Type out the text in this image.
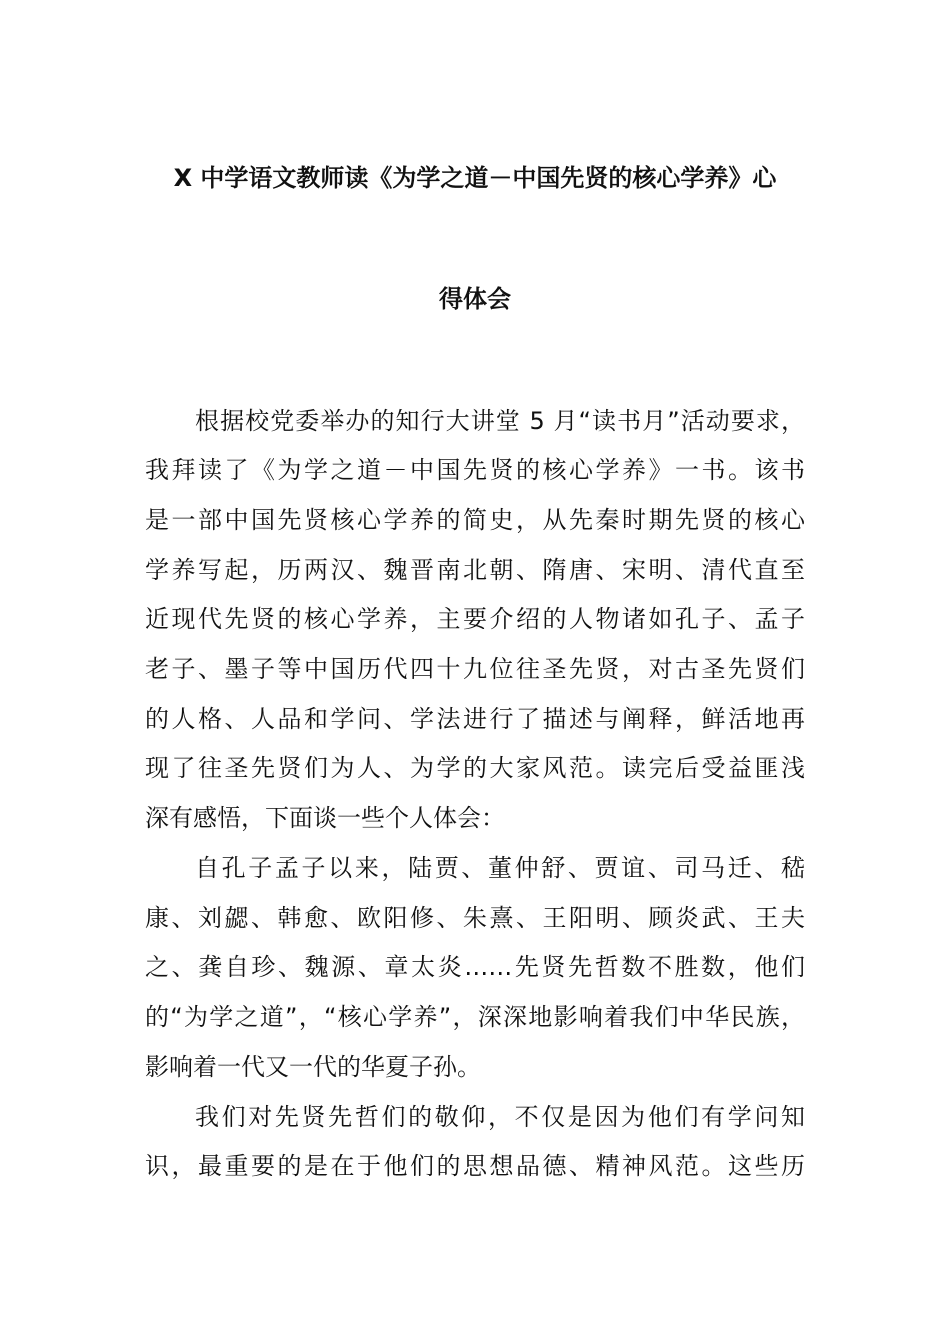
X 中学语文教师读《为学之道－中国先贤的核心学养》心
得体会
根据校党委举办的知行大讲堂 5 月“读书月”活动要求，
我拜读了《为学之道－中国先贤的核心学养》一书。该书
是一部中国先贤核心学养的简史，从先秦时期先贤的核心
学养写起，历两汉、魏晋南北朝、隋唐、宋明、清代直至
近现代先贤的核心学养，主要介绍的人物诸如孔子、孟子
老子、墨子等中国历代四十九位往圣先贤，对古圣先贤们
的人格、人品和学问、学法进行了描述与阐释，鲜活地再
现了往圣先贤们为人、为学的大家风范。读完后受益匪浅
深有感悟，下面谈一些个人体会：
自孔子孟子以来，陆贾、董仲舒、贾谊、司马迁、嵇
康、刘勰、韩愈、欧阳修、朱熹、王阳明、顾炎武、王夫
之、龚自珍、魏源、章太炎……先贤先哲数不胜数，他们
的“为学之道”，“核心学养”，深深地影响着我们中华民族，
影响着一代又一代的华夏子孙。
我们对先贤先哲们的敬仰，不仅是因为他们有学问知
识，最重要的是在于他们的思想品德、精神风范。这些历
